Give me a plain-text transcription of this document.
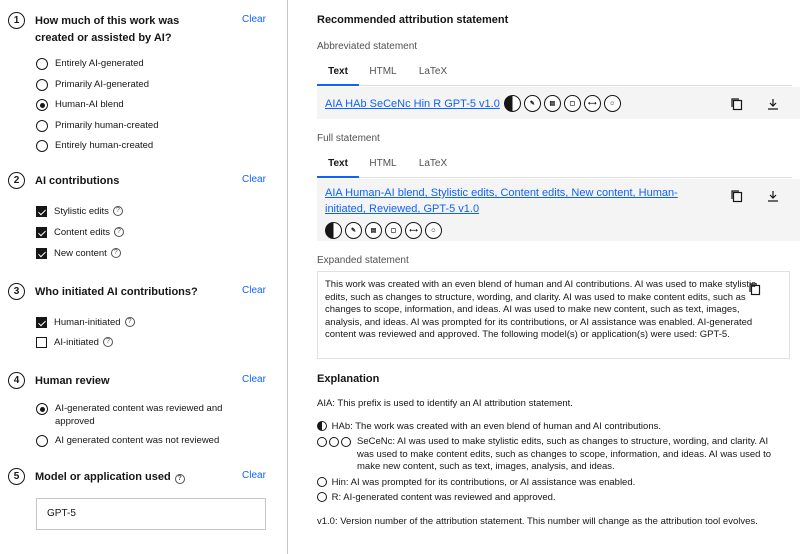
1	How much of this work was created or assisted by AI?
Clear
Entirely AI-generated
Primarily AI-generated
Human-AI blend
Primarily human-created
Entirely human-created
2	AI contributions	Clear
Stylistic edits	?
Content edits	?
New content	?
3	Who initiated AI contributions?	Clear
Human-initiated	?
AI-initiated	?
4	Human review	Clear
AI-generated content was reviewed and approved
AI generated content was not reviewed
5	Model or application used ?	Clear
GPT-5
Recommended attribution statement
Abbreviated statement
Text	HTML	LaTeX
AIA HAb SeCeNc Hin R GPT-5 v1.0	✎	▤	▢	⟷	☺
Full statement
Text	HTML	LaTeX
AIA Human-AI blend, Stylistic edits, Content edits, New content, Human-initiated, Reviewed, GPT-5 v1.0
✎	▤	▢	⟷	☺
Expanded statement
This work was created with an even blend of human and AI contributions. AI was used to make stylistic edits, such as changes to structure, wording, and clarity. AI was used to make content edits, such as changes to scope, information, and ideas. AI was used to make new content, such as text, images, analysis, and ideas. AI was prompted for its contributions, or AI assistance was enabled. AI-generated content was reviewed and approved. The following model(s) or application(s) were used: GPT-5.
Explanation
AIA: This prefix is used to identify an AI attribution statement.
HAb: The work was created with an even blend of human and AI contributions.
SeCeNc: AI was used to make stylistic edits, such as changes to structure, wording, and clarity. AI was used to make content edits, such as changes to scope, information, and ideas. AI was used to make new content, such as text, images, analysis, and ideas.
Hin: AI was prompted for its contributions, or AI assistance was enabled.
R: AI-generated content was reviewed and approved.
v1.0: Version number of the attribution statement. This number will change as the attribution tool evolves.
